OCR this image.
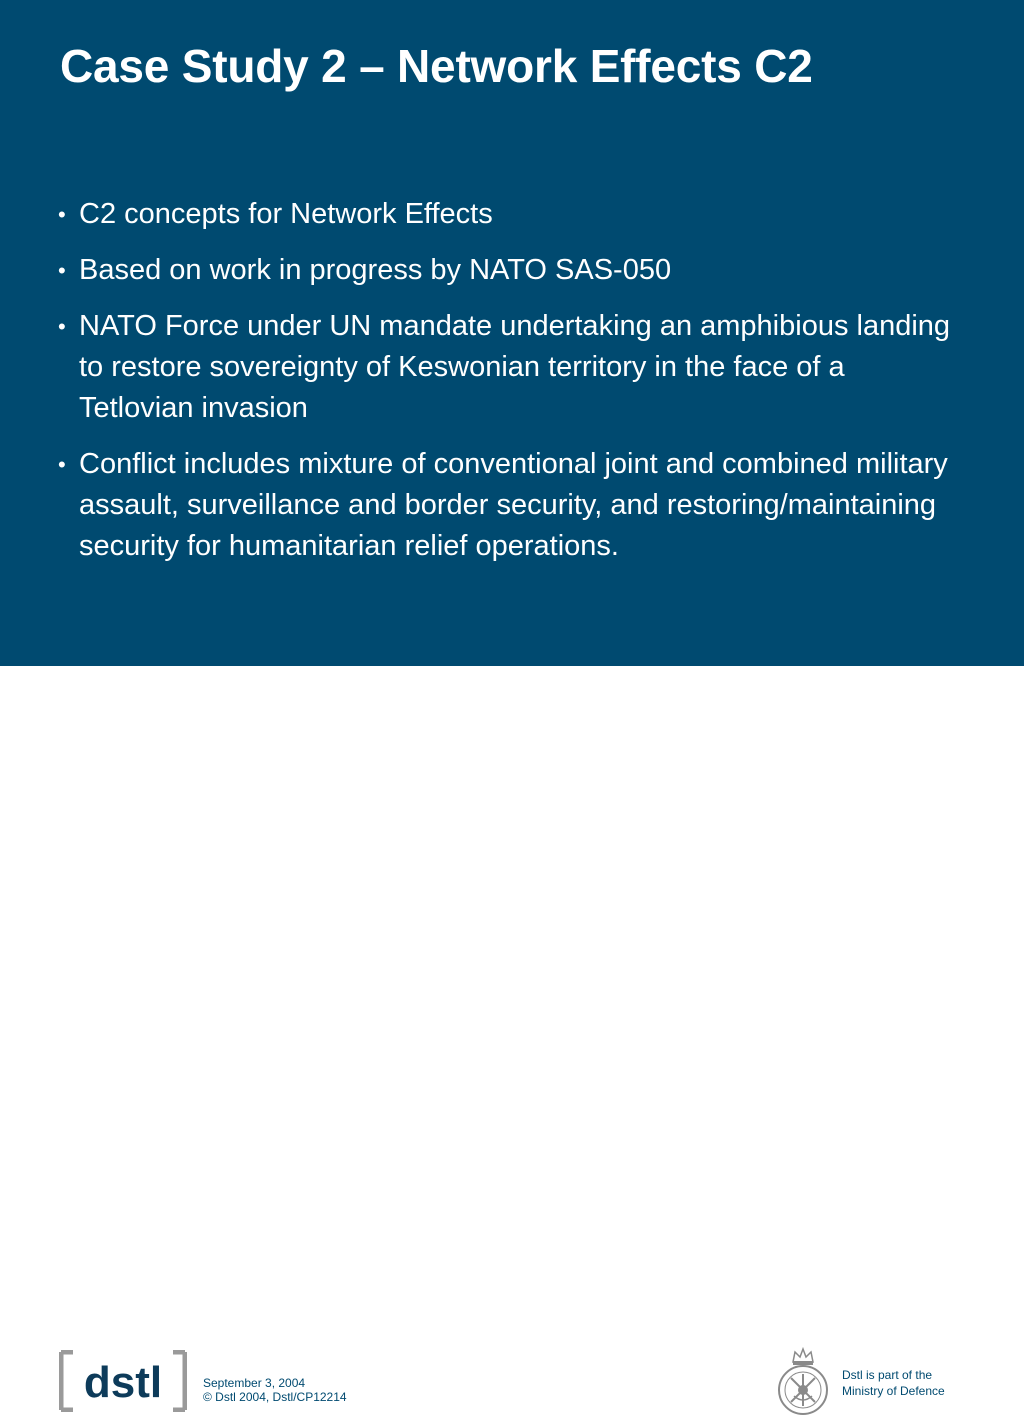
Case Study 2 – Network Effects C2
• C2 concepts for Network Effects
• Based on work in progress by NATO SAS-050
• NATO Force under UN mandate undertaking an amphibious landing to restore sovereignty of Keswonian territory in the face of a Tetlovian invasion
• Conflict includes mixture of conventional joint and combined military assault, surveillance and border security, and restoring/maintaining security for humanitarian relief operations.
dstl	September 3, 2004
© Dstl 2004, Dstl/CP12214
Dstl is part of the
Ministry of Defence
